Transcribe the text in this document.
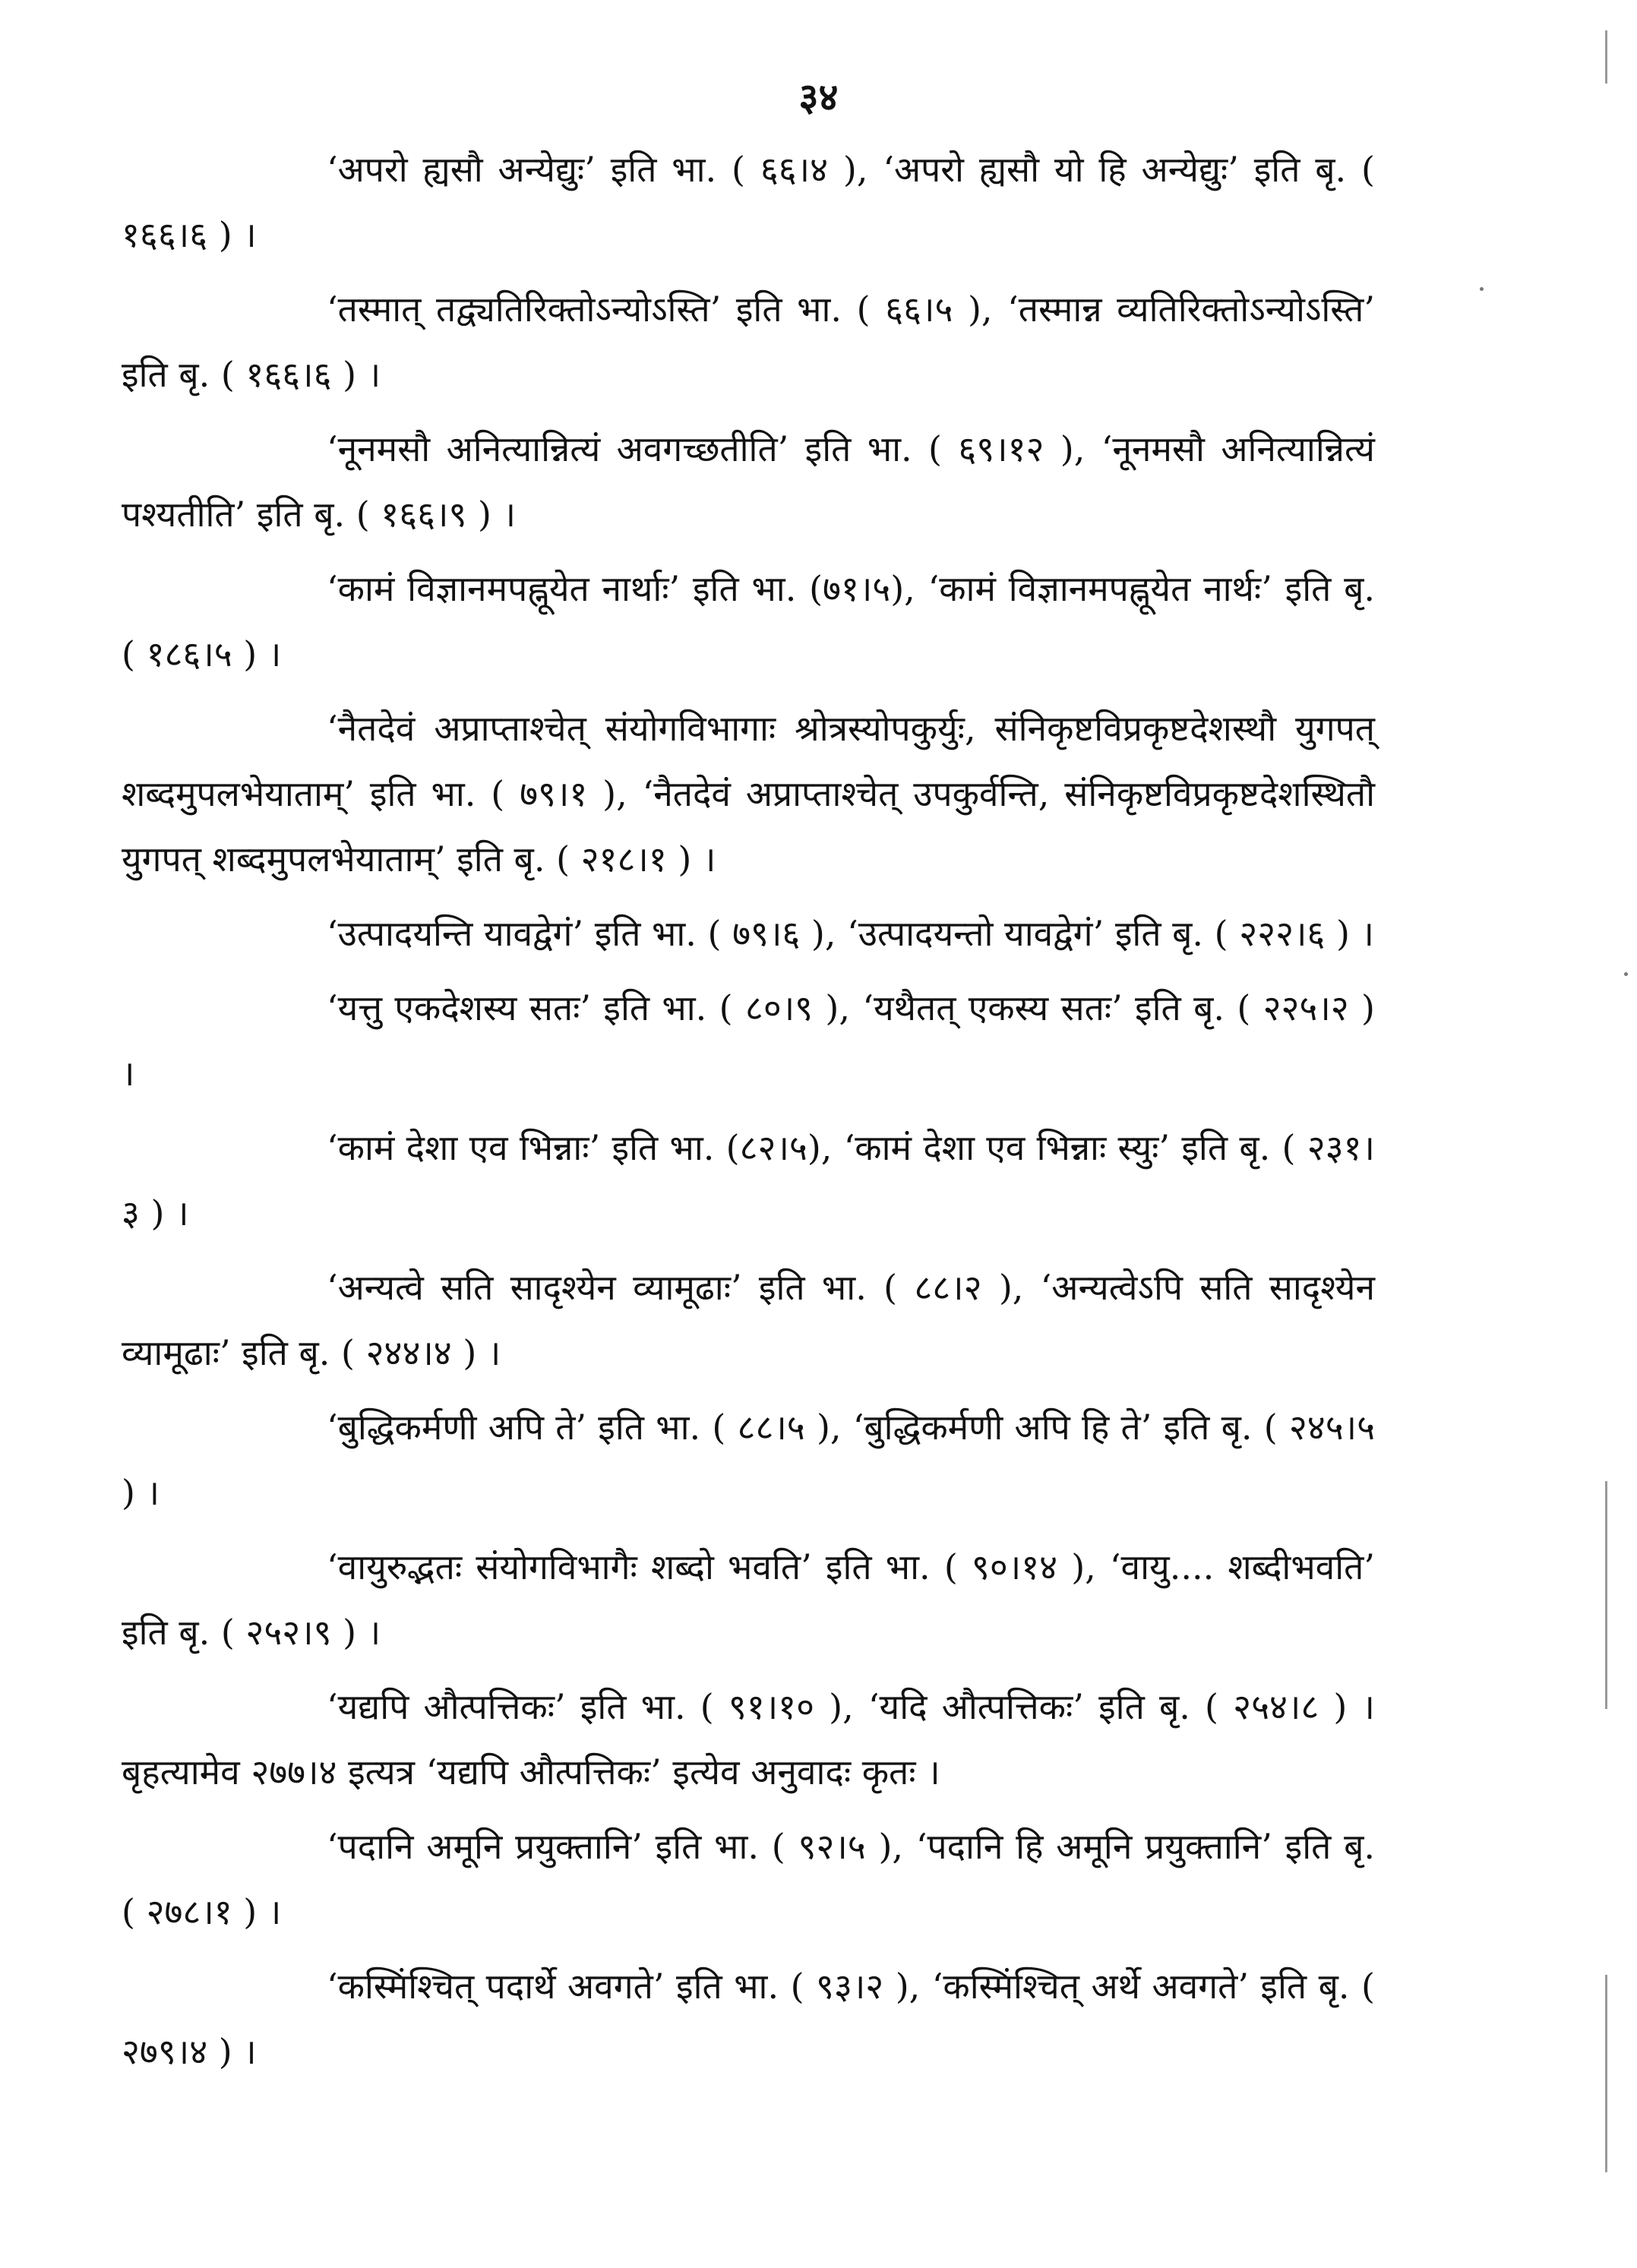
३४

‘अपरो ह्यसौ अन्येद्युः’ इति भा. ( ६६।४ ), ‘अपरो ह्यसौ यो हि अन्येद्युः’ इति बृ. ( १६६।६ ) ।

‘तस्मात् तद्व्यतिरिक्तोऽन्योऽस्ति’ इति भा. ( ६६।५ ), ‘तस्मान्न व्यतिरिक्तोऽन्योऽस्ति’ इति बृ. ( १६६।६ ) ।

‘नूनमसौ अनित्यान्नित्यं अवगच्छतीति’ इति भा. ( ६९।१२ ), ‘नूनमसौ अनित्यान्नित्यं पश्यतीति’ इति बृ. ( १६६।९ ) ।

‘कामं विज्ञानमपह्नूयेत नार्थाः’ इति भा. (७१।५), ‘कामं विज्ञानमपह्नूयेत नार्थः’ इति बृ. ( १८६।५ ) ।

‘नैतदेवं अप्राप्ताश्चेत् संयोगविभागाः श्रोत्रस्योपकुर्युः, संनिकृष्टविप्रकृष्टदेशस्थौ युगपत् शब्दमुपलभेयाताम्’ इति भा. ( ७९।१ ), ‘नैतदेवं अप्राप्ताश्चेत् उपकुर्वन्ति, संनिकृष्टविप्रकृष्टदेशस्थितौ युगपत् शब्दमुपलभेयाताम्’ इति बृ. ( २१८।१ ) ।

‘उत्पादयन्ति यावद्वेगं’ इति भा. ( ७९।६ ), ‘उत्पादयन्तो यावद्वेगं’ इति बृ. ( २२२।६ ) ।

‘यत्तु एकदेशस्य सतः’ इति भा. ( ८०।९ ), ‘यथैतत् एकस्य सतः’ इति बृ. ( २२५।२ ) ।

‘कामं देशा एव भिन्नाः’ इति भा. (८२।५), ‘कामं देशा एव भिन्नाः स्युः’ इति बृ. ( २३१।३ ) ।

‘अन्यत्वे सति सादृश्येन व्यामूढाः’ इति भा. ( ८८।२ ), ‘अन्यत्वेऽपि सति सादृश्येन व्यामूढाः’ इति बृ. ( २४४।४ ) ।

‘बुद्धिकर्मणी अपि ते’ इति भा. ( ८८।५ ), ‘बुद्धिकर्मणी अपि हि ते’ इति बृ. ( २४५।५ ) ।

‘वायुरुद्भतः संयोगविभागैः शब्दो भवति’ इति भा. ( ९०।१४ ), ‘वायु.... शब्दीभवति’ इति बृ. ( २५२।९ ) ।

‘यद्यपि औत्पत्तिकः’ इति भा. ( ९१।१० ), ‘यदि औत्पत्तिकः’ इति बृ. ( २५४।८ ) । बृहत्यामेव २७७।४ इत्यत्र ‘यद्यपि औत्पत्तिकः’ इत्येव अनुवादः कृतः ।

‘पदानि अमूनि प्रयुक्तानि’ इति भा. ( ९२।५ ), ‘पदानि हि अमूनि प्रयुक्तानि’ इति बृ. ( २७८।१ ) ।

‘कस्मिंश्चित् पदार्थे अवगते’ इति भा. ( ९३।२ ), ‘कस्मिंश्चित् अर्थे अवगते’ इति बृ. ( २७९।४ ) ।
